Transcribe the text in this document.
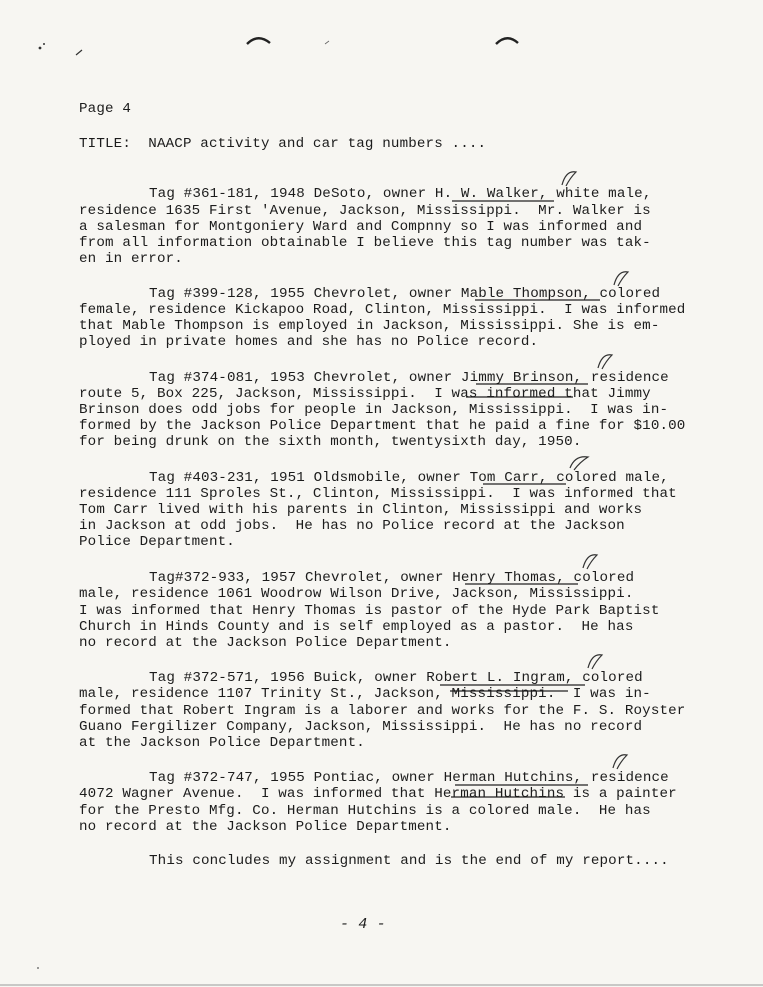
Page 4
TITLE:  NAACP activity and car tag numbers ....
Tag #361-181, 1948 DeSoto, owner H. W. Walker, white male,
residence 1635 First 'Avenue, Jackson, Mississippi.  Mr. Walker is
a salesman for Montgoniery Ward and Compnny so I was informed and
from all information obtainable I believe this tag number was tak-
en in error.
Tag #399-128, 1955 Chevrolet, owner Mable Thompson, colored
female, residence Kickapoo Road, Clinton, Mississippi.  I was informed
that Mable Thompson is employed in Jackson, Mississippi. She is em-
ployed in private homes and she has no Police record.
Tag #374-081, 1953 Chevrolet, owner Jimmy Brinson, residence
route 5, Box 225, Jackson, Mississippi.  I was informed that Jimmy
Brinson does odd jobs for people in Jackson, Mississippi.  I was in-
formed by the Jackson Police Department that he paid a fine for $10.00
for being drunk on the sixth month, twentysixth day, 1950.
Tag #403-231, 1951 Oldsmobile, owner Tom Carr, colored male,
residence 111 Sproles St., Clinton, Mississippi.  I was informed that
Tom Carr lived with his parents in Clinton, Mississippi and works
in Jackson at odd jobs.  He has no Police record at the Jackson
Police Department.
Tag#372-933, 1957 Chevrolet, owner Henry Thomas, colored
male, residence 1061 Woodrow Wilson Drive, Jackson, Mississippi.
I was informed that Henry Thomas is pastor of the Hyde Park Baptist
Church in Hinds County and is self employed as a pastor.  He has
no record at the Jackson Police Department.
Tag #372-571, 1956 Buick, owner Robert L. Ingram, colored
male, residence 1107 Trinity St., Jackson, Mississippi.  I was in-
formed that Robert Ingram is a laborer and works for the F. S. Royster
Guano Fergilizer Company, Jackson, Mississippi.  He has no record
at the Jackson Police Department.
Tag #372-747, 1955 Pontiac, owner Herman Hutchins, residence
4072 Wagner Avenue.  I was informed that Herman Hutchins is a painter
for the Presto Mfg. Co. Herman Hutchins is a colored male.  He has
no record at the Jackson Police Department.
This concludes my assignment and is the end of my report....
- 4 -
